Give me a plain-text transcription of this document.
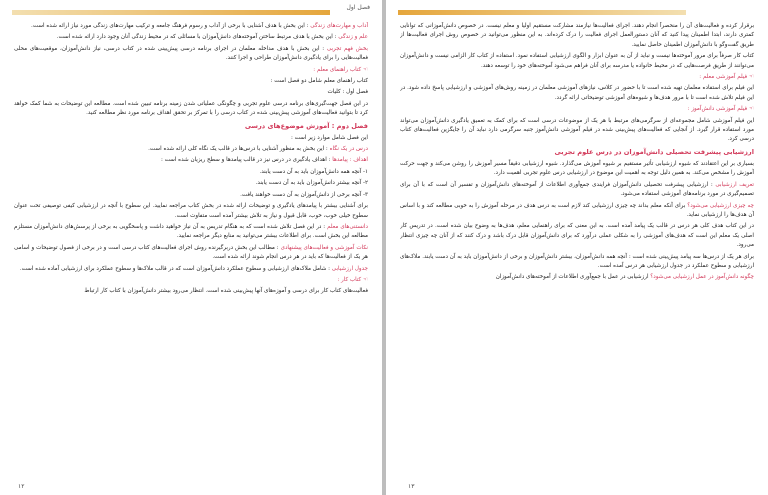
فصل اول

آداب و مهارت‌های زندگی : این بخش با هدف آشنایی با برخی از آداب و رسوم فرهنگ جامعه و ترکیب مهارت‌های زندگی مورد نیاز ارائه شده است.

علم و زندگی : این بخش با هدف مرتبط ساختن آموخته‌های دانش‌آموزان با مسائلی که در محیط زندگی آنان وجود دارد ارائه شده است.

بخش فهم تجربی : این بخش با هدف مداخله معلمان در اجرای برنامه درسی پیش‌بینی شده در کتاب درسی، نیاز دانش‌آموزان، موقعیت‌های محلی فعالیت‌هایی را برای یادگیری دانش‌آموزان طراحی و اجرا کنند.

☜ کتاب راهنمای معلم :

کتاب راهنمای معلم شامل دو فصل است :

فصل اول : کلیات

در این فصل جهت‌گیری‌های برنامه درسی علوم تجربی و چگونگی عملیاتی شدن زمینه برنامه تبیین شده است. مطالعه این توضیحات به شما کمک خواهد کرد تا بتوانید فعالیت‌های آموزشی پیش‌بینی شده در کتاب درسی را با تمرکز بر تحقق اهداف برنامه مورد نظر مطالعه کنید.

فصل دوم : آموزش موضوع‌های درسی

این فصل شامل موارد زیر است :

درس در یک نگاه : این بخش به منظور آشنایی با درس‌ها در قالب یک نگاه کلی ارائه شده است.

اهداف : پیامدها : اهداف یادگیری در درس نیز در قالب پیامدها و سطح ریزیان شده است :

۱- آنچه همه دانش‌آموزان باید به آن دست یابند.

۲- آنچه بیشتر دانش‌آموزان باید به آن دست یابند.

۳- آنچه برخی از دانش‌آموزان به آن دست خواهند یافت.

برای آشنایی بیشتر با پیامدهای یادگیری و توضیحات ارائه شده در بخش کتاب مراجعه نمایید. این سطوح با آنچه در ارزشیابی کیفی توصیفی تحت عنوان سطوح خیلی خوب، خوب، قابل قبول و نیاز به تلاش بیشتر آمده است متفاوت است.

دانستنی‌های معلم : در این فصل تلاش شده است که به هنگام تدریس به آن نیاز خواهید داشت و پاسخگویی به برخی از پرسش‌های دانش‌آموزان مستلزم مطالعه این بخش است. برای اطلاعات بیشتر می‌توانید به منابع دیگر مراجعه نمایید.

نکات آموزشی و فعالیت‌های پیشنهادی : مطالب این بخش دربرگیرنده روش اجرای فعالیت‌های کتاب درسی است و در برخی از فصول توضیحات و اسامی هر یک از فعالیت‌ها که باید در هر درس انجام شوند ارائه شده است.

جدول ارزشیابی : شامل ملاک‌های ارزشیابی و سطوح عملکرد دانش‌آموزان است که در قالب ملاک‌ها و سطوح عملکرد برای ارزشیابی آماده شده است.

☜ کتاب کار :

فعالیت‌های کتاب کار برای درسی و آموزه‌های آنها پیش‌بینی شده است. انتظار می‌رود بیشتر دانش‌آموزان با کتاب کار ارتباط

۱۲

برقرار کرده و فعالیت‌های آن را منحصراً انجام دهند. اجرای فعالیت‌ها نیازمند مشارکت مستقیم اولیا و معلم نیست. در خصوص دانش‌آموزانی که توانایی کمتری دارند، ابتدا اطمینان پیدا کنید که آنان دستورالعمل اجرای فعالیت را درک کرده‌اند. به این منظور می‌توانید در خصوص روش اجرای فعالیت‌ها از طریق گفت‌وگو با دانش‌آموزان اطمینان حاصل نمایید.

کتاب کار صرفاً برای مرور آموخته‌ها نیست و نباید از آن به عنوان ابزار و الگوی ارزشیابی استفاده نمود. استفاده از کتاب کار الزامی نیست و دانش‌آموزان می‌توانند از طریق فرصت‌هایی که در محیط خانواده یا مدرسه برای آنان فراهم می‌شود آموخته‌های خود را توسعه دهند.

☜ فیلم آموزشی معلم :

این فیلم برای استفاده معلمان تهیه شده است تا با حضور در کلاس، نیازهای آموزشی معلمان در زمینه روش‌های آموزشی و ارزشیابی پاسخ داده شود. در این فیلم تلاش شده است تا با مرور هدف‌ها و شیوه‌های آموزشی توضیحاتی ارائه گردد.

☜ فیلم آموزشی دانش‌آموز :

این فیلم آموزشی شامل مجموعه‌ای از سرگرمی‌های مرتبط با هر یک از موضوعات درسی است که برای کمک به تعمیق یادگیری دانش‌آموزان می‌تواند مورد استفاده قرار گیرد. از آنجایی که فعالیت‌های پیش‌بینی شده در فیلم آموزشی دانش‌آموز جنبه سرگرمی دارد نباید آن را جایگزین فعالیت‌های کتاب درسی کرد.

ارزشیابی پیشرفت تحصیلی دانش‌آموزان در درس علوم تجربی

بسیاری بر این اعتقادند که شیوه ارزشیابی تأثیر مستقیم بر شیوه آموزش می‌گذارد. شیوه ارزشیابی دقیقاً مسیر آموزش را روشن می‌کند و جهت حرکت آموزش را مشخص می‌کند. به همین دلیل توجه به اهمیت این موضوع در ارزشیابی درس علوم تجربی اهمیت دارد.

تعریف ارزشیابی : ارزشیابی پیشرفت تحصیلی دانش‌آموزان فرایندی جمع‌آوری اطلاعات از آموخته‌های دانش‌آموزان و تفسیر آن است که با آن برای تصمیم‌گیری در مورد برنامه‌های آموزشی استفاده می‌شود.

چه چیزی ارزشیابی می‌شود؟ برای آنکه معلم بداند چه چیزی ارزشیابی کند لازم است به درس هدف در مرحله آموزش را به خوبی مطالعه کند و با اساس آن هدف‌ها را ارزشیابی نماید.

در این کتاب هدف کلی هر درس در قالب یک پیامد آمده است. به این معنی که برای راهنمایی معلم، هدف‌ها به وضوح بیان شده است. در تدریس کار اصلی یک معلم این است که هدف‌های آموزشی را به شکلی عملی درآورد که برای دانش‌آموزان قابل درک باشد و درک کنند که از آنان چه چیزی انتظار می‌رود.

برای هر یک از درس‌ها سه پیامد پیش‌بینی شده است : آنچه همه دانش‌آموزان، بیشتر دانش‌آموزان و برخی از دانش‌آموزان باید به آن دست یابند. ملاک‌های ارزشیابی و سطوح عملکرد در جدول ارزشیابی هر درس آمده است.

چگونه دانش‌آموز در عمل ارزشیابی می‌شود؟ ارزشیابی در عمل با جمع‌آوری اطلاعات از آموخته‌های دانش‌آموزان

۱۳
